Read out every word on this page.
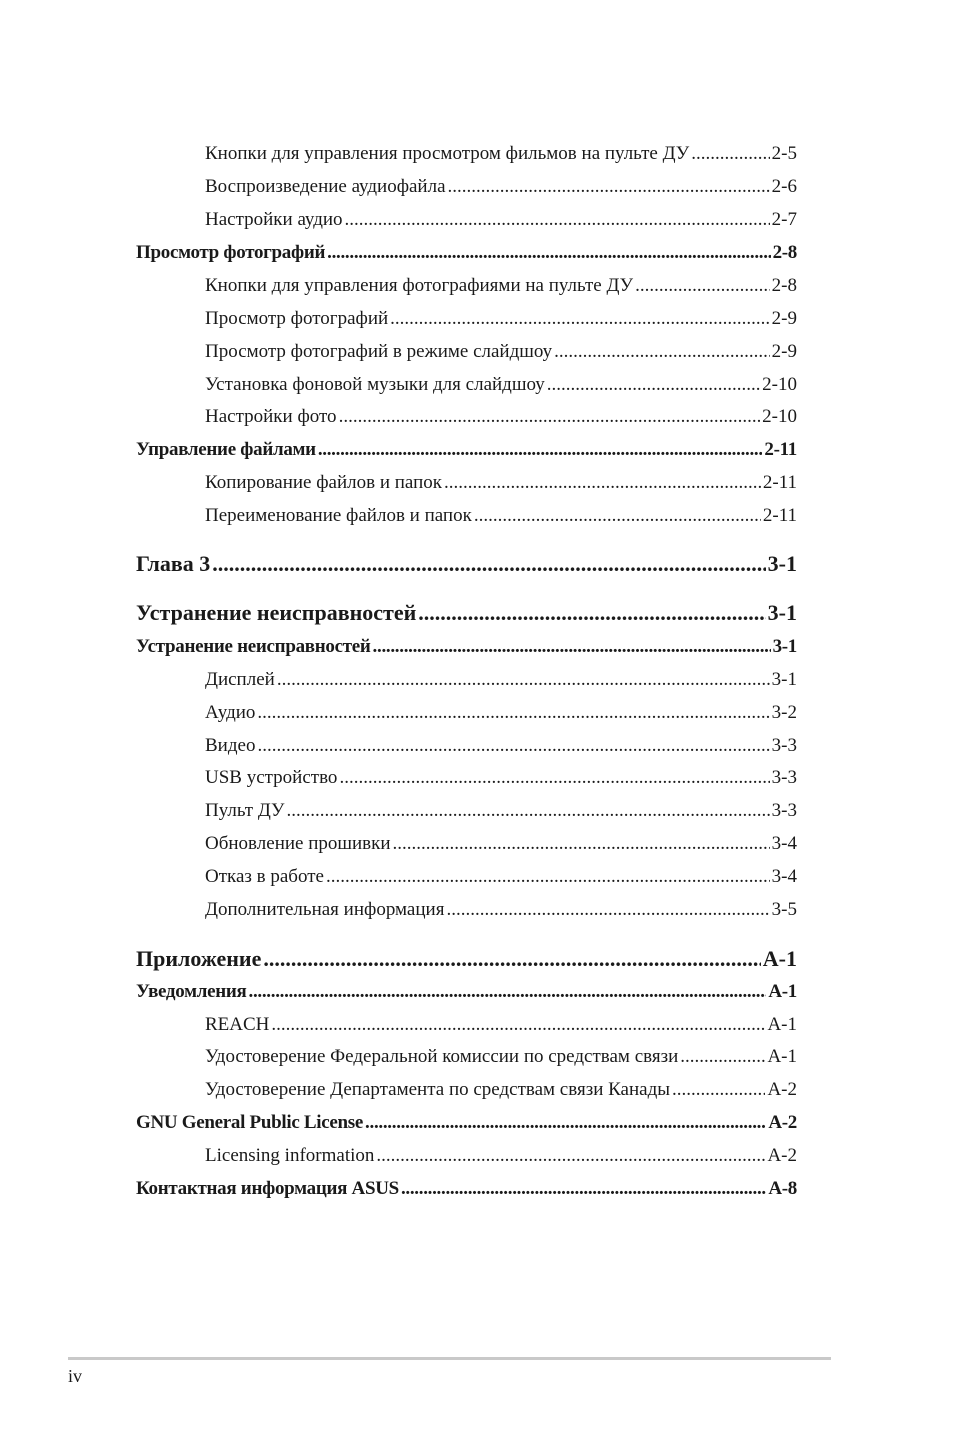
Кнопки для управления просмотром фильмов на пульте ДУ .....	2-5
Воспроизведение аудиофайла .....	2-6
Настройки аудио .....	2-7
Просмотр фотографий .....	2-8
Кнопки для управления фотографиями на пульте ДУ .....	2-8
Просмотр фотографий .....	2-9
Просмотр фотографий в режиме слайдшоу .....	2-9
Установка фоновой музыки для слайдшоу .....	2-10
Настройки фото .....	2-10
Управление файлами .....	2-11
Копирование файлов и папок .....	2-11
Переименование файлов и папок .....	2-11
Глава 3 .....	3-1
Устранение неисправностей .....	3-1
Устранение неисправностей .....	3-1
Дисплей .....	3-1
Аудио .....	3-2
Видео .....	3-3
USB устройство .....	3-3
Пульт ДУ .....	3-3
Обновление прошивки .....	3-4
Отказ в работе .....	3-4
Дополнительная информация .....	3-5
Приложение .....	A-1
Уведомления .....	A-1
REACH .....	A-1
Удостоверение Федеральной комиссии по средствам связи .....	A-1
Удостоверение Департамента по средствам связи Канады .....	A-2
GNU General Public License .....	A-2
Licensing information .....	A-2
Контактная информация ASUS .....	A-8
iv
